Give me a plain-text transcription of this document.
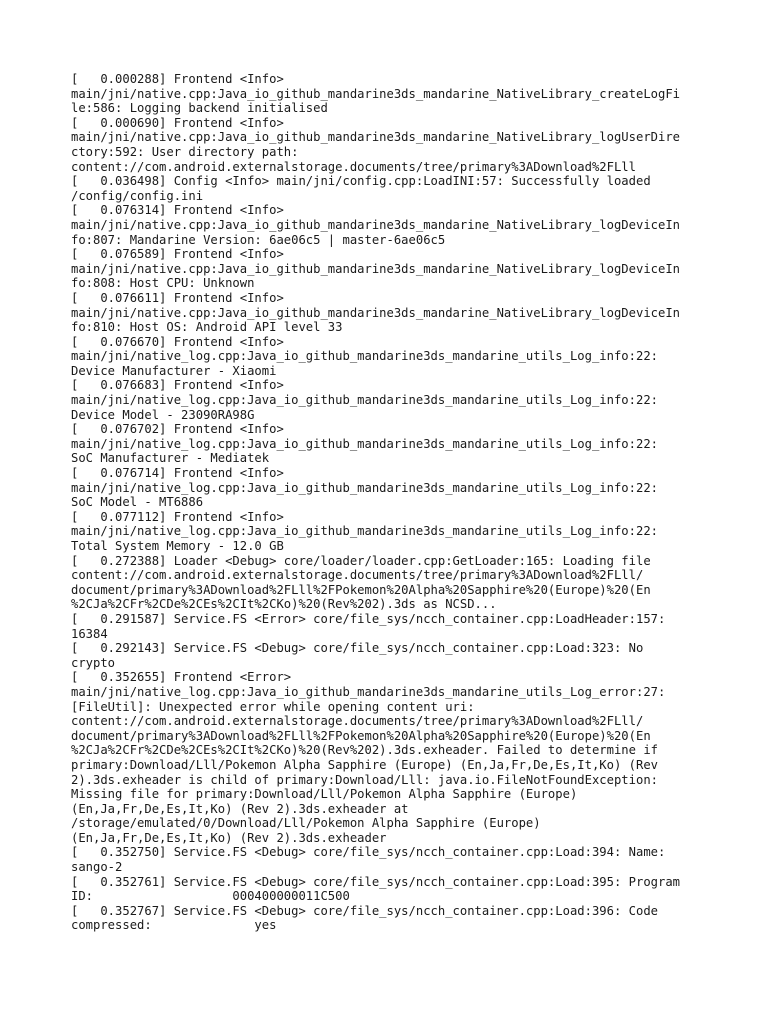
[   0.000288] Frontend <Info>
main/jni/native.cpp:Java_io_github_mandarine3ds_mandarine_NativeLibrary_createLogFi
le:586: Logging backend initialised
[   0.000690] Frontend <Info>
main/jni/native.cpp:Java_io_github_mandarine3ds_mandarine_NativeLibrary_logUserDire
ctory:592: User directory path:
content://com.android.externalstorage.documents/tree/primary%3ADownload%2FLll
[   0.036498] Config <Info> main/jni/config.cpp:LoadINI:57: Successfully loaded
/config/config.ini
[   0.076314] Frontend <Info>
main/jni/native.cpp:Java_io_github_mandarine3ds_mandarine_NativeLibrary_logDeviceIn
fo:807: Mandarine Version: 6ae06c5 | master-6ae06c5
[   0.076589] Frontend <Info>
main/jni/native.cpp:Java_io_github_mandarine3ds_mandarine_NativeLibrary_logDeviceIn
fo:808: Host CPU: Unknown
[   0.076611] Frontend <Info>
main/jni/native.cpp:Java_io_github_mandarine3ds_mandarine_NativeLibrary_logDeviceIn
fo:810: Host OS: Android API level 33
[   0.076670] Frontend <Info>
main/jni/native_log.cpp:Java_io_github_mandarine3ds_mandarine_utils_Log_info:22:
Device Manufacturer - Xiaomi
[   0.076683] Frontend <Info>
main/jni/native_log.cpp:Java_io_github_mandarine3ds_mandarine_utils_Log_info:22:
Device Model - 23090RA98G
[   0.076702] Frontend <Info>
main/jni/native_log.cpp:Java_io_github_mandarine3ds_mandarine_utils_Log_info:22:
SoC Manufacturer - Mediatek
[   0.076714] Frontend <Info>
main/jni/native_log.cpp:Java_io_github_mandarine3ds_mandarine_utils_Log_info:22:
SoC Model - MT6886
[   0.077112] Frontend <Info>
main/jni/native_log.cpp:Java_io_github_mandarine3ds_mandarine_utils_Log_info:22:
Total System Memory - 12.0 GB
[   0.272388] Loader <Debug> core/loader/loader.cpp:GetLoader:165: Loading file
content://com.android.externalstorage.documents/tree/primary%3ADownload%2FLll/
document/primary%3ADownload%2FLll%2FPokemon%20Alpha%20Sapphire%20(Europe)%20(En
%2CJa%2CFr%2CDe%2CEs%2CIt%2CKo)%20(Rev%202).3ds as NCSD...
[   0.291587] Service.FS <Error> core/file_sys/ncch_container.cpp:LoadHeader:157:
16384
[   0.292143] Service.FS <Debug> core/file_sys/ncch_container.cpp:Load:323: No
crypto
[   0.352655] Frontend <Error>
main/jni/native_log.cpp:Java_io_github_mandarine3ds_mandarine_utils_Log_error:27:
[FileUtil]: Unexpected error while opening content uri:
content://com.android.externalstorage.documents/tree/primary%3ADownload%2FLll/
document/primary%3ADownload%2FLll%2FPokemon%20Alpha%20Sapphire%20(Europe)%20(En
%2CJa%2CFr%2CDe%2CEs%2CIt%2CKo)%20(Rev%202).3ds.exheader. Failed to determine if
primary:Download/Lll/Pokemon Alpha Sapphire (Europe) (En,Ja,Fr,De,Es,It,Ko) (Rev
2).3ds.exheader is child of primary:Download/Lll: java.io.FileNotFoundException:
Missing file for primary:Download/Lll/Pokemon Alpha Sapphire (Europe)
(En,Ja,Fr,De,Es,It,Ko) (Rev 2).3ds.exheader at
/storage/emulated/0/Download/Lll/Pokemon Alpha Sapphire (Europe)
(En,Ja,Fr,De,Es,It,Ko) (Rev 2).3ds.exheader
[   0.352750] Service.FS <Debug> core/file_sys/ncch_container.cpp:Load:394: Name:
sango-2
[   0.352761] Service.FS <Debug> core/file_sys/ncch_container.cpp:Load:395: Program
ID:                   000400000011C500
[   0.352767] Service.FS <Debug> core/file_sys/ncch_container.cpp:Load:396: Code
compressed:              yes
